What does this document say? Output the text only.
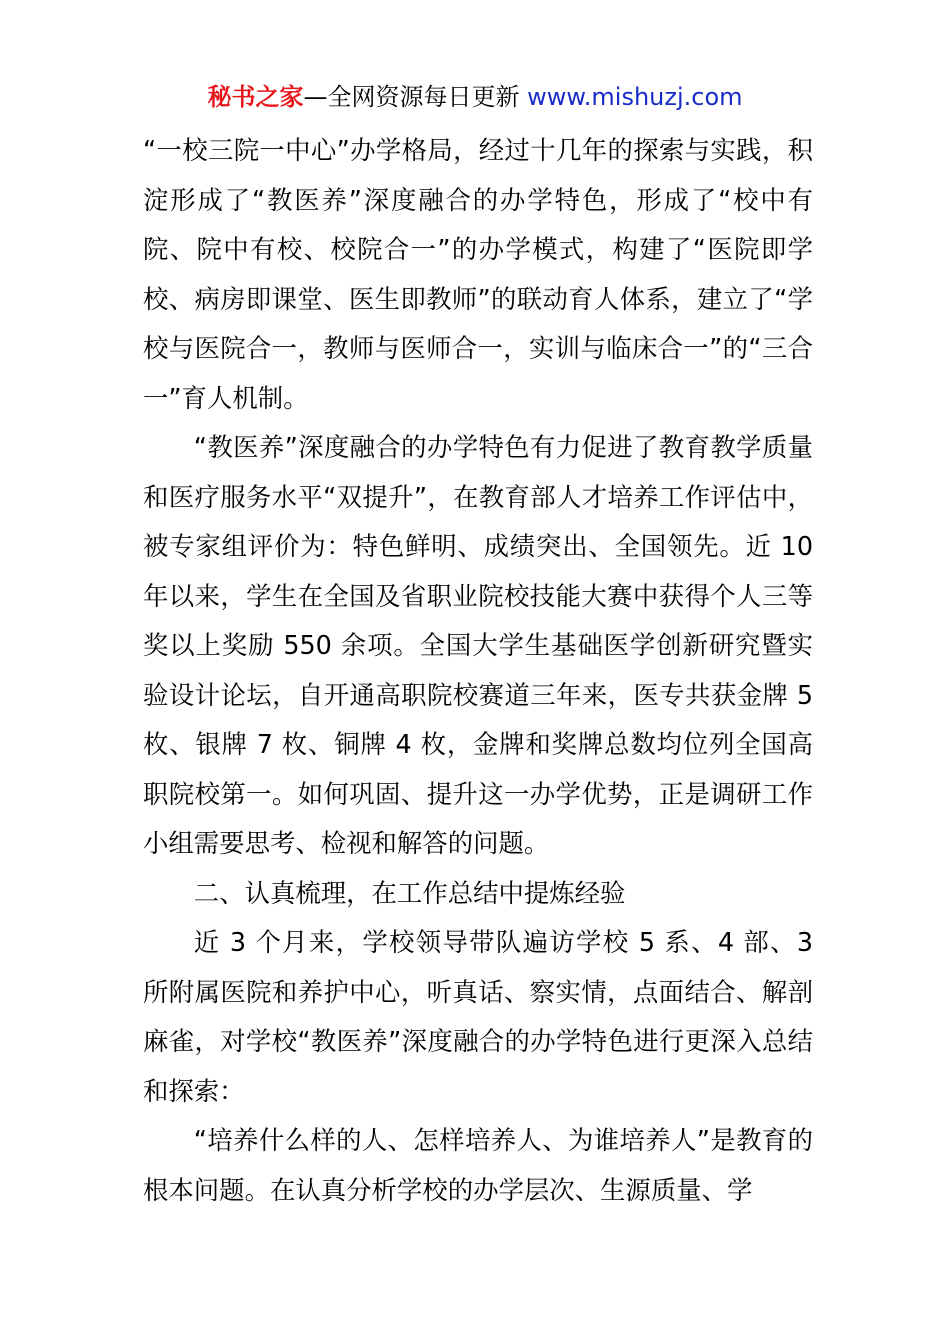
秘书之家—全网资源每日更新 www.mishuzj.com

“一校三院一中心”办学格局，经过十几年的探索与实践，积淀形成了“教医养”深度融合的办学特色，形成了“校中有院、院中有校、校院合一”的办学模式，构建了“医院即学校、病房即课堂、医生即教师”的联动育人体系，建立了“学校与医院合一，教师与医师合一，实训与临床合一”的“三合一”育人机制。

“教医养”深度融合的办学特色有力促进了教育教学质量和医疗服务水平“双提升”，在教育部人才培养工作评估中，被专家组评价为：特色鲜明、成绩突出、全国领先。近 10 年以来，学生在全国及省职业院校技能大赛中获得个人三等奖以上奖励 550 余项。全国大学生基础医学创新研究暨实验设计论坛，自开通高职院校赛道三年来，医专共获金牌 5 枚、银牌 7 枚、铜牌 4 枚，金牌和奖牌总数均位列全国高职院校第一。如何巩固、提升这一办学优势，正是调研工作小组需要思考、检视和解答的问题。

二、认真梳理，在工作总结中提炼经验

近 3 个月来，学校领导带队遍访学校 5 系、4 部、3 所附属医院和养护中心，听真话、察实情，点面结合、解剖麻雀，对学校“教医养”深度融合的办学特色进行更深入总结和探索：

“培养什么样的人、怎样培养人、为谁培养人”是教育的根本问题。在认真分析学校的办学层次、生源质量、学
